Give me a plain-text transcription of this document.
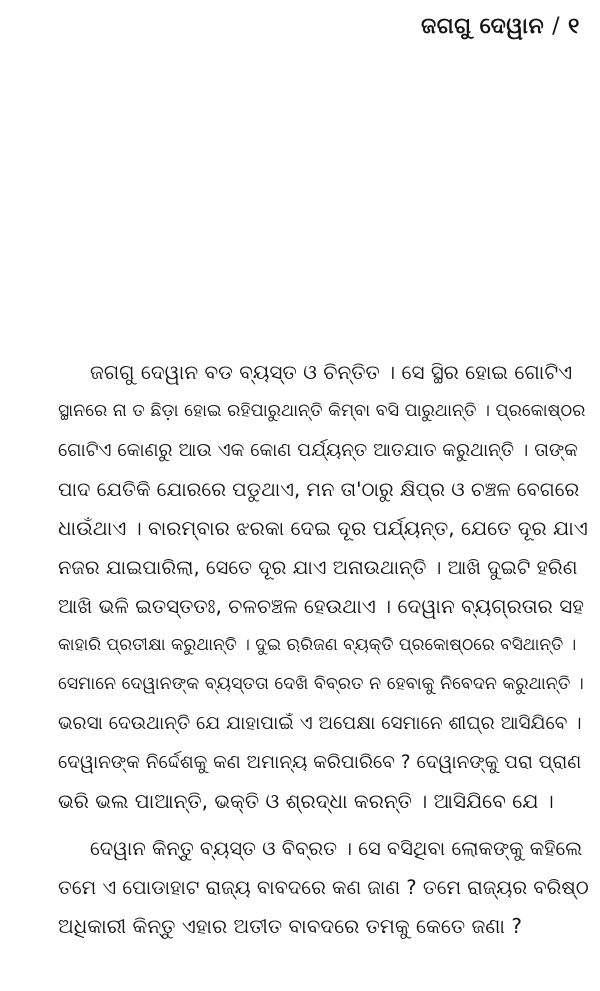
ଜଗଗୁ ଦେୱାନ / ୧

ଜଗଗୁ ଦେୱାନ ବଡ ବ୍ୟସ୍ତ ଓ ଚିନ୍ତିତ । ସେ ସ୍ଥିର ହୋଇ ଗୋଟିଏ
ସ୍ଥାନରେ ନା ତ ଛିଡ଼ା ହୋଇ ରହିପାରୁଥାନ୍ତି କିମ୍ବା ବସି ପାରୁଥାନ୍ତି । ପ୍ରକୋଷ୍ଠର
ଗୋଟିଏ କୋଣରୁ ଆଉ ଏକ କୋଣ ପର୍ଯ୍ୟନ୍ତ ଆତଯାତ କରୁଥାନ୍ତି । ତାଙ୍କ
ପାଦ ଯେତିକି ଯୋରରେ ପଡୁଥାଏ, ମନ ତା'ଠାରୁ କ୍ଷିପ୍ର ଓ ଚଞ୍ଚଳ ବେଗରେ
ଧାଉଁଥାଏ । ବାରମ୍ବାର ଝରକା ଦେଇ ଦୂର ପର୍ଯ୍ୟନ୍ତ, ଯେତେ ଦୂର ଯାଏ
ନଜର ଯାଇପାରିଲା, ସେତେ ଦୂର ଯାଏ ଅନାଉଥାନ୍ତି । ଆଖି ଦୁଇଟି ହରିଣ
ଆଖି ଭଳି ଇତସ୍ତତଃ, ଚଳଚଞ୍ଚଳ ହେଉଥାଏ । ଦେୱାନ ବ୍ୟଗ୍ରତାର ସହ
କାହାରି ପ୍ରତୀକ୍ଷା କରୁଥାନ୍ତି । ଦୁଇ ଋରିଜଣ ବ୍ୟକ୍ତି ପ୍ରକୋଷ୍ଠରେ ବସିଥାନ୍ତି ।
ସେମାନେ ଦେୱାନଙ୍କ ବ୍ୟସ୍ତତା ଦେଖି ବିବ୍ରତ ନ ହେବାକୁ ନିବେଦନ କରୁଥାନ୍ତି ।
ଭରସା ଦେଉଥାନ୍ତି ଯେ ଯାହାପାଇଁ ଏ ଅପେକ୍ଷା ସେମାନେ ଶୀଘ୍ର ଆସିଯିବେ ।
ଦେୱାନଙ୍କ ନିର୍ଦ୍ଦେଶକୁ କଣ ଅମାନ୍ୟ କରିପାରିବେ ? ଦେୱାନଙ୍କୁ ପରା ପ୍ରାଣ
ଭରି ଭଲ ପାଆନ୍ତି, ଭକ୍ତି ଓ ଶ୍ରଦ୍ଧା କରନ୍ତି । ଆସିଯିବେ ଯେ ।

ଦେୱାନ କିନ୍ତୁ ବ୍ୟସ୍ତ ଓ ବିବ୍ରତ । ସେ ବସିଥିବା ଲୋକଙ୍କୁ କହିଲେ
ତମେ ଏ ପୋଡାହାଟ ରାଜ୍ୟ ବାବଦରେ କଣ ଜାଣ ? ତମେ ରାଜ୍ୟର ବରିଷ୍ଠ
ଅଧିକାରୀ କିନ୍ତୁ ଏହାର ଅତୀତ ବାବଦରେ ତମକୁ କେତେ ଜଣା ?
